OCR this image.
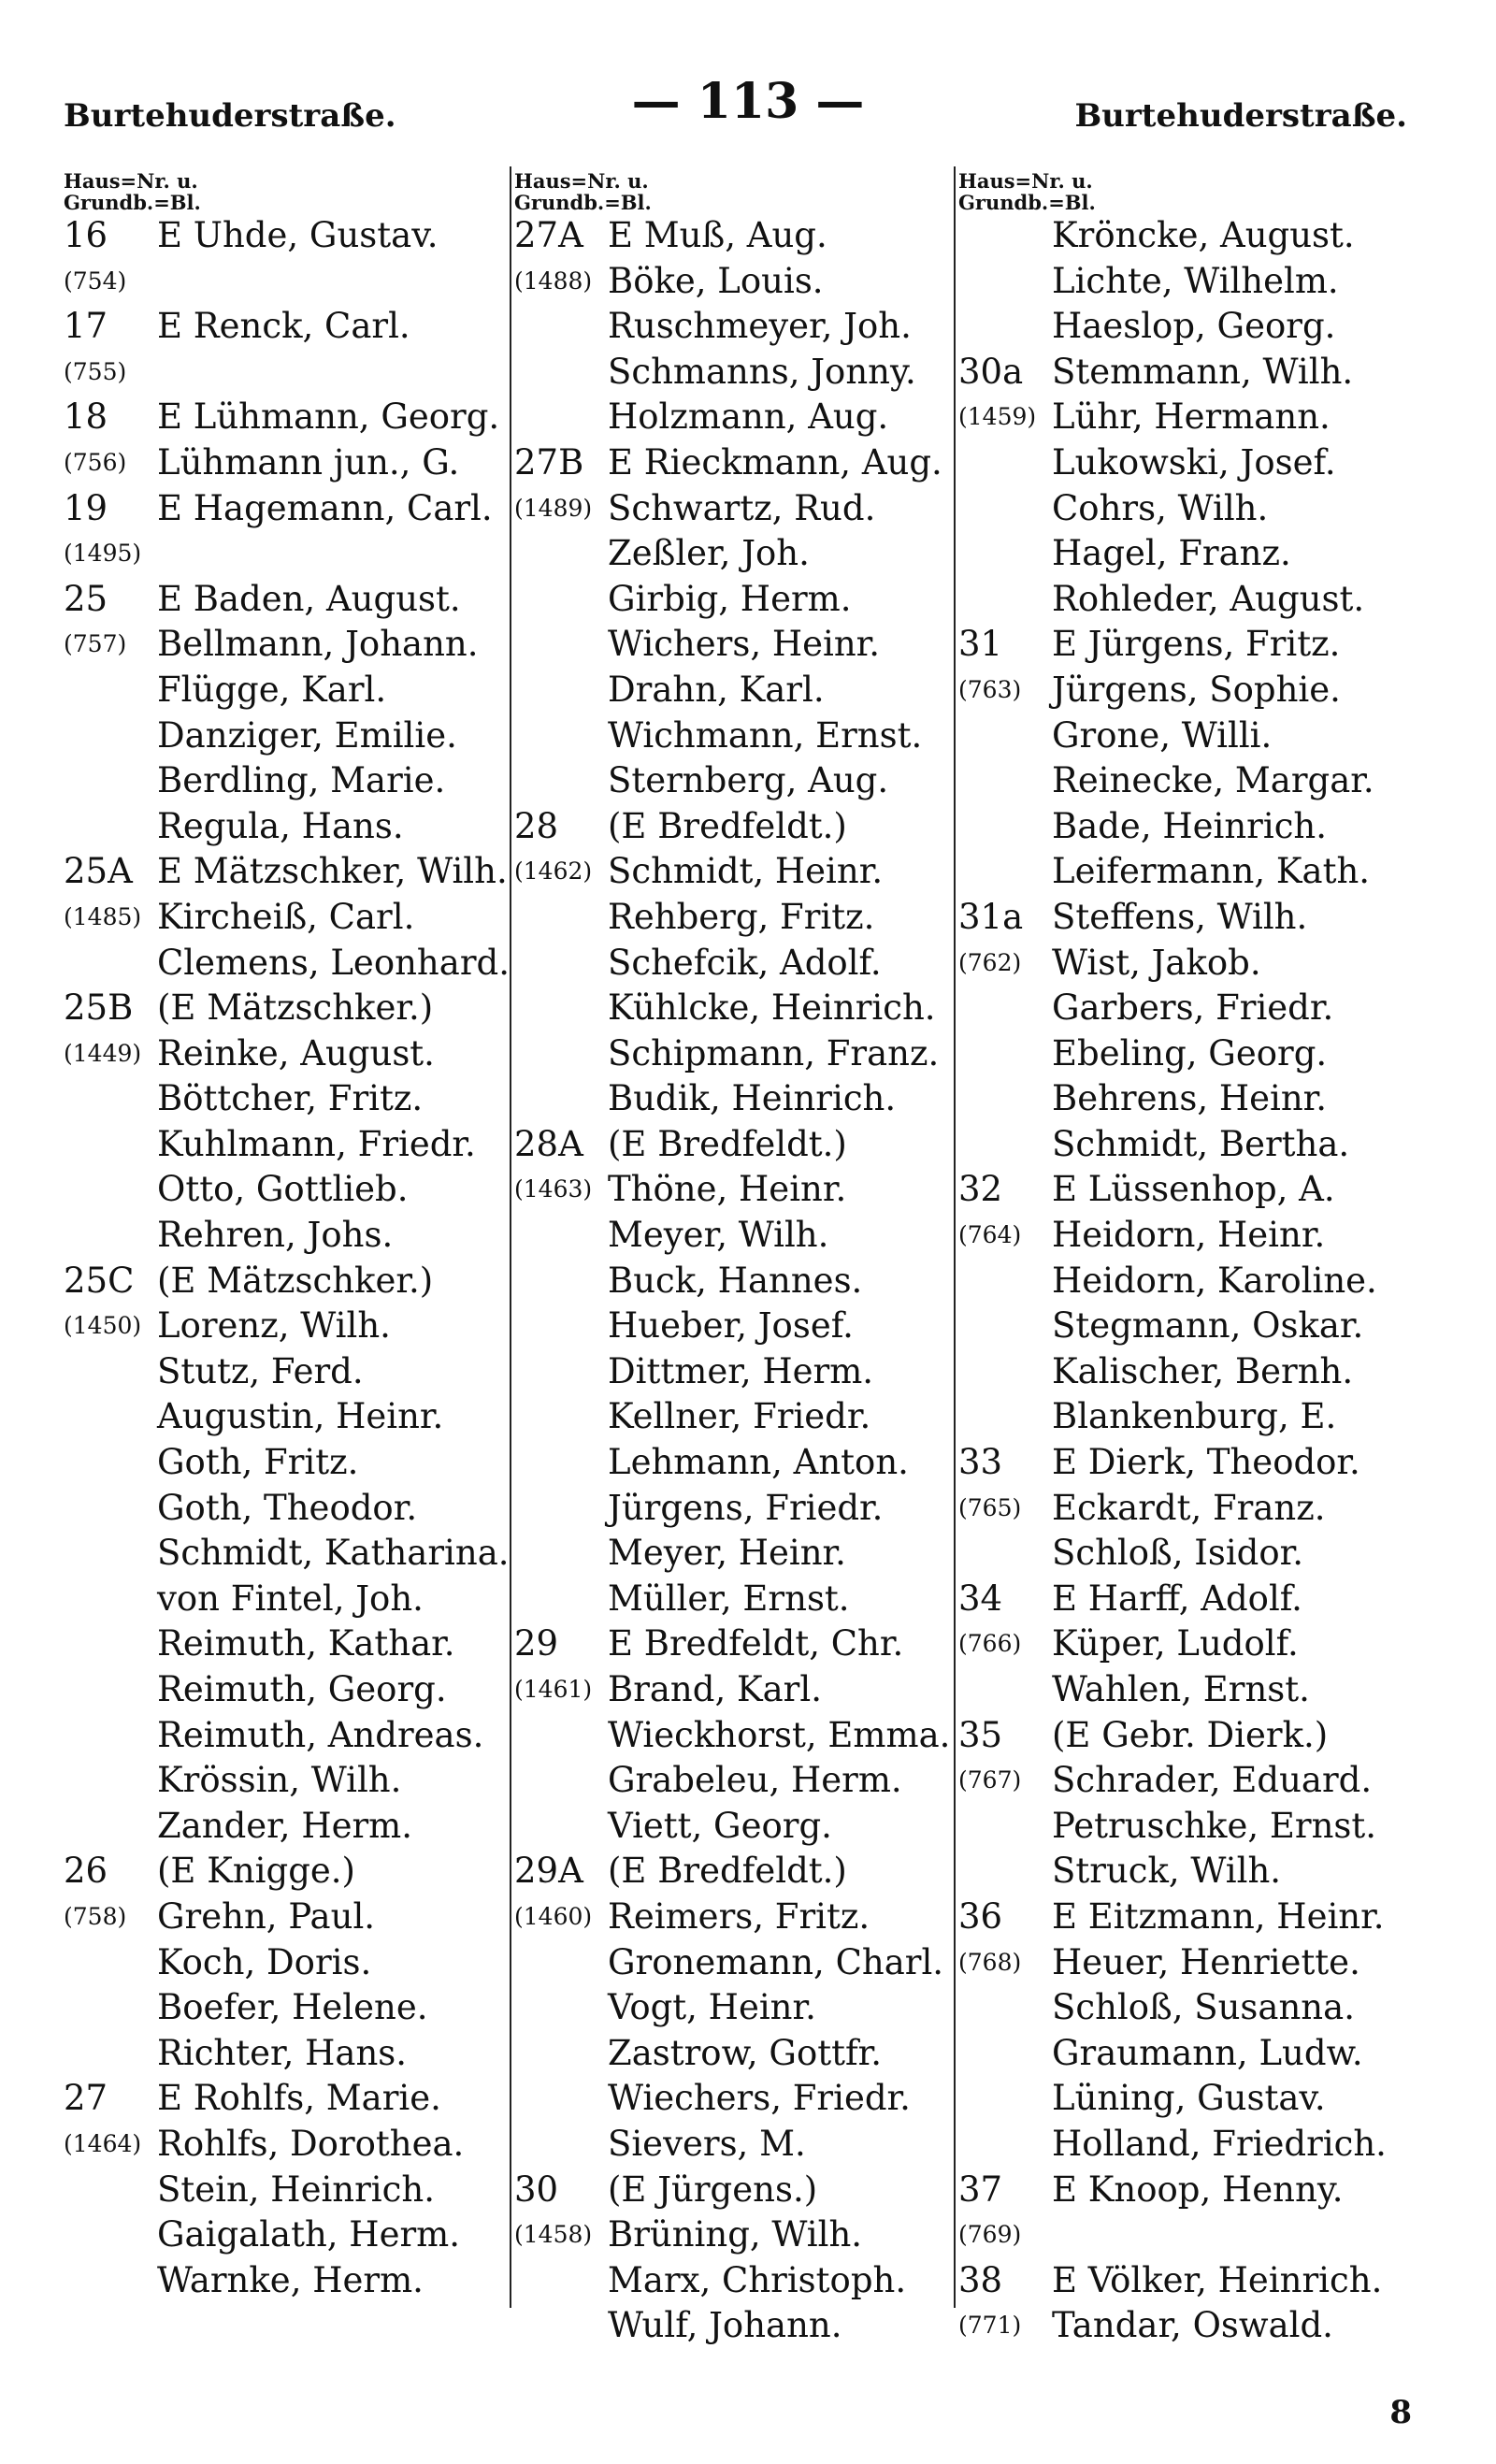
Burtehuderstraße.	— 113 —	Burtehuderstraße.
Haus=Nr. u.
Grundb.=Bl.
16 E Uhde, Gustav.
(754)
17 E Renck, Carl.
(755)
18 E Lühmann, Georg.
(756) Lühmann jun., G.
19 E Hagemann, Carl.
(1495)
25 E Baden, August.
(757) Bellmann, Johann.
Flügge, Karl.
Danziger, Emilie.
Berdling, Marie.
Regula, Hans.
25A E Mätzschker, Wilh.
(1485) Kircheiß, Carl.
Clemens, Leonhard.
25B (E Mätzschker.)
(1449) Reinke, August.
Böttcher, Fritz.
Kuhlmann, Friedr.
Otto, Gottlieb.
Rehren, Johs.
25C (E Mätzschker.)
(1450) Lorenz, Wilh.
Stutz, Ferd.
Augustin, Heinr.
Goth, Fritz.
Goth, Theodor.
Schmidt, Katharina.
von Fintel, Joh.
Reimuth, Kathar.
Reimuth, Georg.
Reimuth, Andreas.
Krössin, Wilh.
Zander, Herm.
26 (E Knigge.)
(758) Grehn, Paul.
Koch, Doris.
Boefer, Helene.
Richter, Hans.
27 E Rohlfs, Marie.
(1464) Rohlfs, Dorothea.
Stein, Heinrich.
Gaigalath, Herm.
Warnke, Herm.
Haus=Nr. u.
Grundb.=Bl.
27A E Muß, Aug.
(1488) Böke, Louis.
Ruschmeyer, Joh.
Schmanns, Jonny.
Holzmann, Aug.
27B E Rieckmann, Aug.
(1489) Schwartz, Rud.
Zeßler, Joh.
Girbig, Herm.
Wichers, Heinr.
Drahn, Karl.
Wichmann, Ernst.
Sternberg, Aug.
28 (E Bredfeldt.)
(1462) Schmidt, Heinr.
Rehberg, Fritz.
Schefcik, Adolf.
Kühlcke, Heinrich.
Schipmann, Franz.
Budik, Heinrich.
28A (E Bredfeldt.)
(1463) Thöne, Heinr.
Meyer, Wilh.
Buck, Hannes.
Hueber, Josef.
Dittmer, Herm.
Kellner, Friedr.
Lehmann, Anton.
Jürgens, Friedr.
Meyer, Heinr.
Müller, Ernst.
29 E Bredfeldt, Chr.
(1461) Brand, Karl.
Wieckhorst, Emma.
Grabeleu, Herm.
Viett, Georg.
29A (E Bredfeldt.)
(1460) Reimers, Fritz.
Gronemann, Charl.
Vogt, Heinr.
Zastrow, Gottfr.
Wiechers, Friedr.
Sievers, M.
30 (E Jürgens.)
(1458) Brüning, Wilh.
Marx, Christoph.
Wulf, Johann.
Haus=Nr. u.
Grundb.=Bl.
Kröncke, August.
Lichte, Wilhelm.
Haeslop, Georg.
30a Stemmann, Wilh.
(1459) Lühr, Hermann.
Lukowski, Josef.
Cohrs, Wilh.
Hagel, Franz.
Rohleder, August.
31 E Jürgens, Fritz.
(763) Jürgens, Sophie.
Grone, Willi.
Reinecke, Margar.
Bade, Heinrich.
Leifermann, Kath.
31a Steffens, Wilh.
(762) Wist, Jakob.
Garbers, Friedr.
Ebeling, Georg.
Behrens, Heinr.
Schmidt, Bertha.
32 E Lüssenhop, A.
(764) Heidorn, Heinr.
Heidorn, Karoline.
Stegmann, Oskar.
Kalischer, Bernh.
Blankenburg, E.
33 E Dierk, Theodor.
(765) Eckardt, Franz.
Schloß, Isidor.
34 E Harff, Adolf.
(766) Küper, Ludolf.
Wahlen, Ernst.
35 (E Gebr. Dierk.)
(767) Schrader, Eduard.
Petruschke, Ernst.
Struck, Wilh.
36 E Eitzmann, Heinr.
(768) Heuer, Henriette.
Schloß, Susanna.
Graumann, Ludw.
Lüning, Gustav.
Holland, Friedrich.
37 E Knoop, Henny.
(769)
38 E Völker, Heinrich.
(771) Tandar, Oswald.
8
